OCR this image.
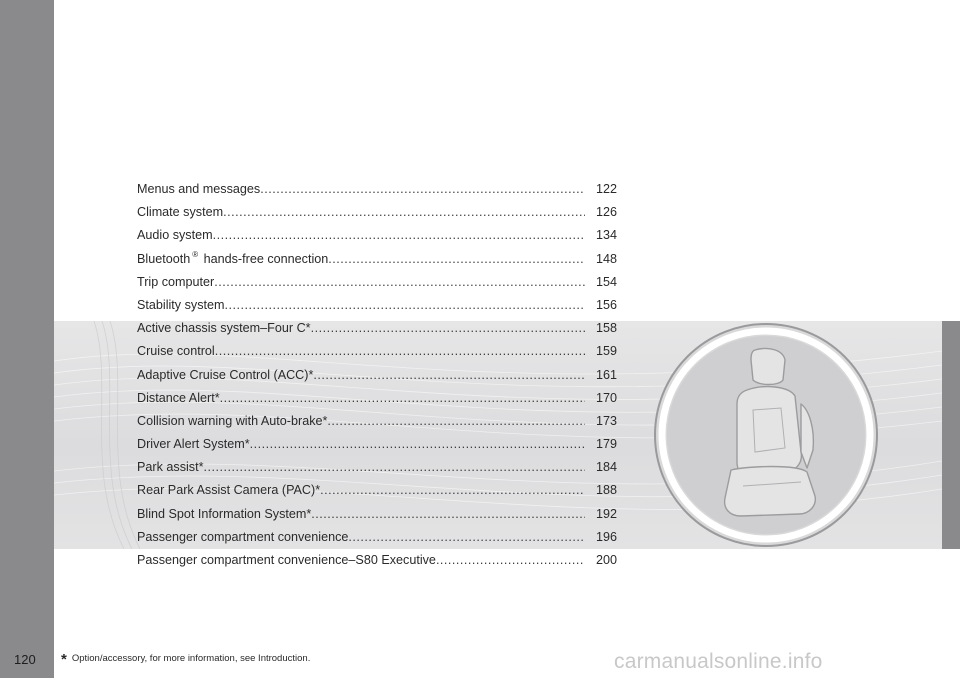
Menus and messages .....	122
Climate system .....	126
Audio system .....	134
Bluetooth ® hands-free connection .....	148
Trip computer .....	154
Stability system .....	156
Active chassis system–Four C* .....	158
Cruise control .....	159
Adaptive Cruise Control (ACC)* .....	161
Distance Alert* .....	170
Collision warning with Auto-brake* .....	173
Driver Alert System* .....	179
Park assist* .....	184
Rear Park Assist Camera (PAC)* .....	188
Blind Spot Information System* .....	192
Passenger compartment convenience .....	196
Passenger compartment convenience–S80 Executive .....	200
120 * Option/accessory, for more information, see Introduction.	carmanualsonline.info
